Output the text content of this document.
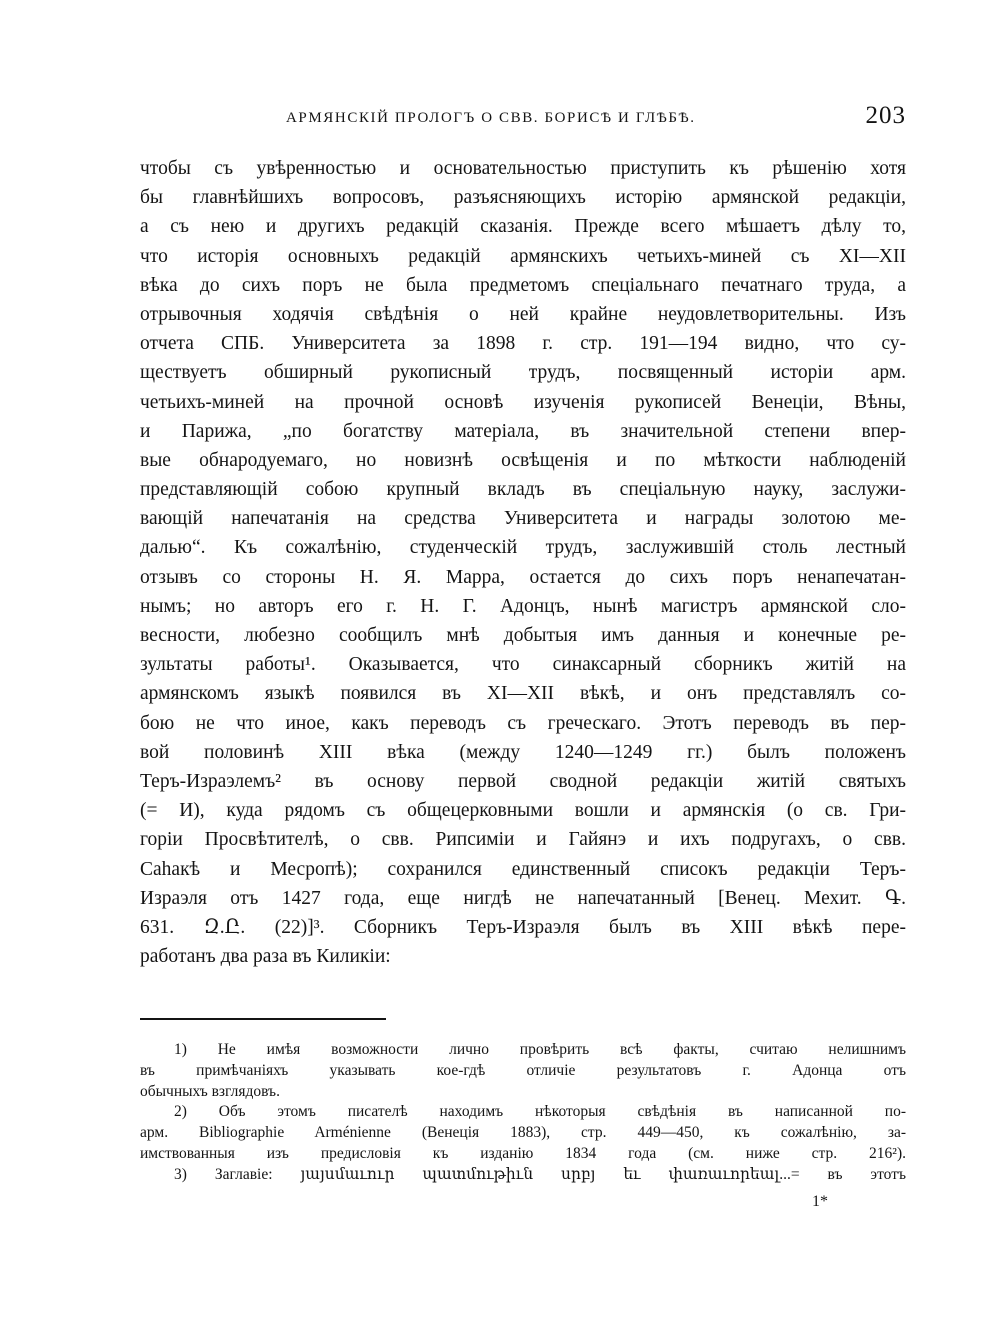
АРМЯНСКІЙ ПРОЛОГЪ О СВВ. БОРИСѢ И ГЛѢБѢ.	203
чтобы съ увѣренностью и основательностью приступить къ рѣшенію хотя
бы главнѣйшихъ вопросовъ, разъясняющихъ исторію армянской редакціи,
а съ нею и другихъ редакцій сказанія. Прежде всего мѣшаетъ дѣлу то,
что исторія основныхъ редакцій армянскихъ четьихъ-миней съ XI—XII
вѣка до сихъ поръ не была предметомъ спеціальнаго печатнаго труда, а
отрывочныя ходячія свѣдѣнія о ней крайне неудовлетворительны. Изъ
отчета СПБ. Университета за 1898 г. стр. 191—194 видно, что су-
ществуетъ обширный рукописный трудъ, посвященный исторіи арм.
четьихъ-миней на прочной основѣ изученія рукописей Венеціи, Вѣны,
и Парижа, „по богатству матеріала, въ значительной степени впер-
вые обнародуемаго, но новизнѣ освѣщенія и по мѣткости наблюденій
представляющій собою крупный вкладъ въ спеціальную науку, заслужи-
вающій напечатанія на средства Университета и награды золотою ме-
далью“. Къ сожалѣнію, студенческій трудъ, заслужившій столь лестный
отзывъ со стороны Н. Я. Марра, остается до сихъ поръ ненапечатан-
нымъ; но авторъ его г. Н. Г. Адонцъ, нынѣ магистръ армянской сло-
весности, любезно сообщилъ мнѣ добытыя имъ данныя и конечные ре-
зультаты работы¹. Оказывается, что синаксарный сборникъ житій на
армянскомъ языкѣ появился въ XI—XII вѣкѣ, и онъ представлялъ со-
бою не что иное, какъ переводъ съ греческаго. Этотъ переводъ въ пер-
вой половинѣ XIII вѣка (между 1240—1249 гг.) былъ положенъ
Теръ-Израэлемъ² въ основу первой сводной редакціи житій святыхъ
(= И), куда рядомъ съ общецерковными вошли и армянскія (о св. Гри-
горіи Просвѣтителѣ, о свв. Рипсиміи и Гайянэ и ихъ подругахъ, о свв.
Саһакѣ и Месропѣ); сохранился единственный списокъ редакціи Теръ-
Израэля отъ 1427 года, еще нигдѣ не напечатанный [Венец. Мехит. Գ.
631. Զ.Ը. (22)]³. Сборникъ Теръ-Израэля былъ въ XIII вѣкѣ пере-
работанъ два раза въ Киликіи:
1) Не имѣя возможности лично провѣрить всѣ факты, считаю нелишнимъ
въ примѣчаніяхъ указывать кое-гдѣ отличіе результатовъ г. Адонца отъ
обычныхъ взглядовъ.
2) Объ этомъ писателѣ находимъ нѣкоторыя свѣдѣнія въ написанной по-
арм. Bibliographie Arménienne (Венеція 1883), стр. 449—450, къ сожалѣнію, за-
имствованныя изъ предисловія къ изданію 1834 года (см. ниже стр. 216²).
3) Заглавіе: յայսմաւուր պատմութիւն սրբյ եւ փառաւորեալ...= въ этотъ
1*
